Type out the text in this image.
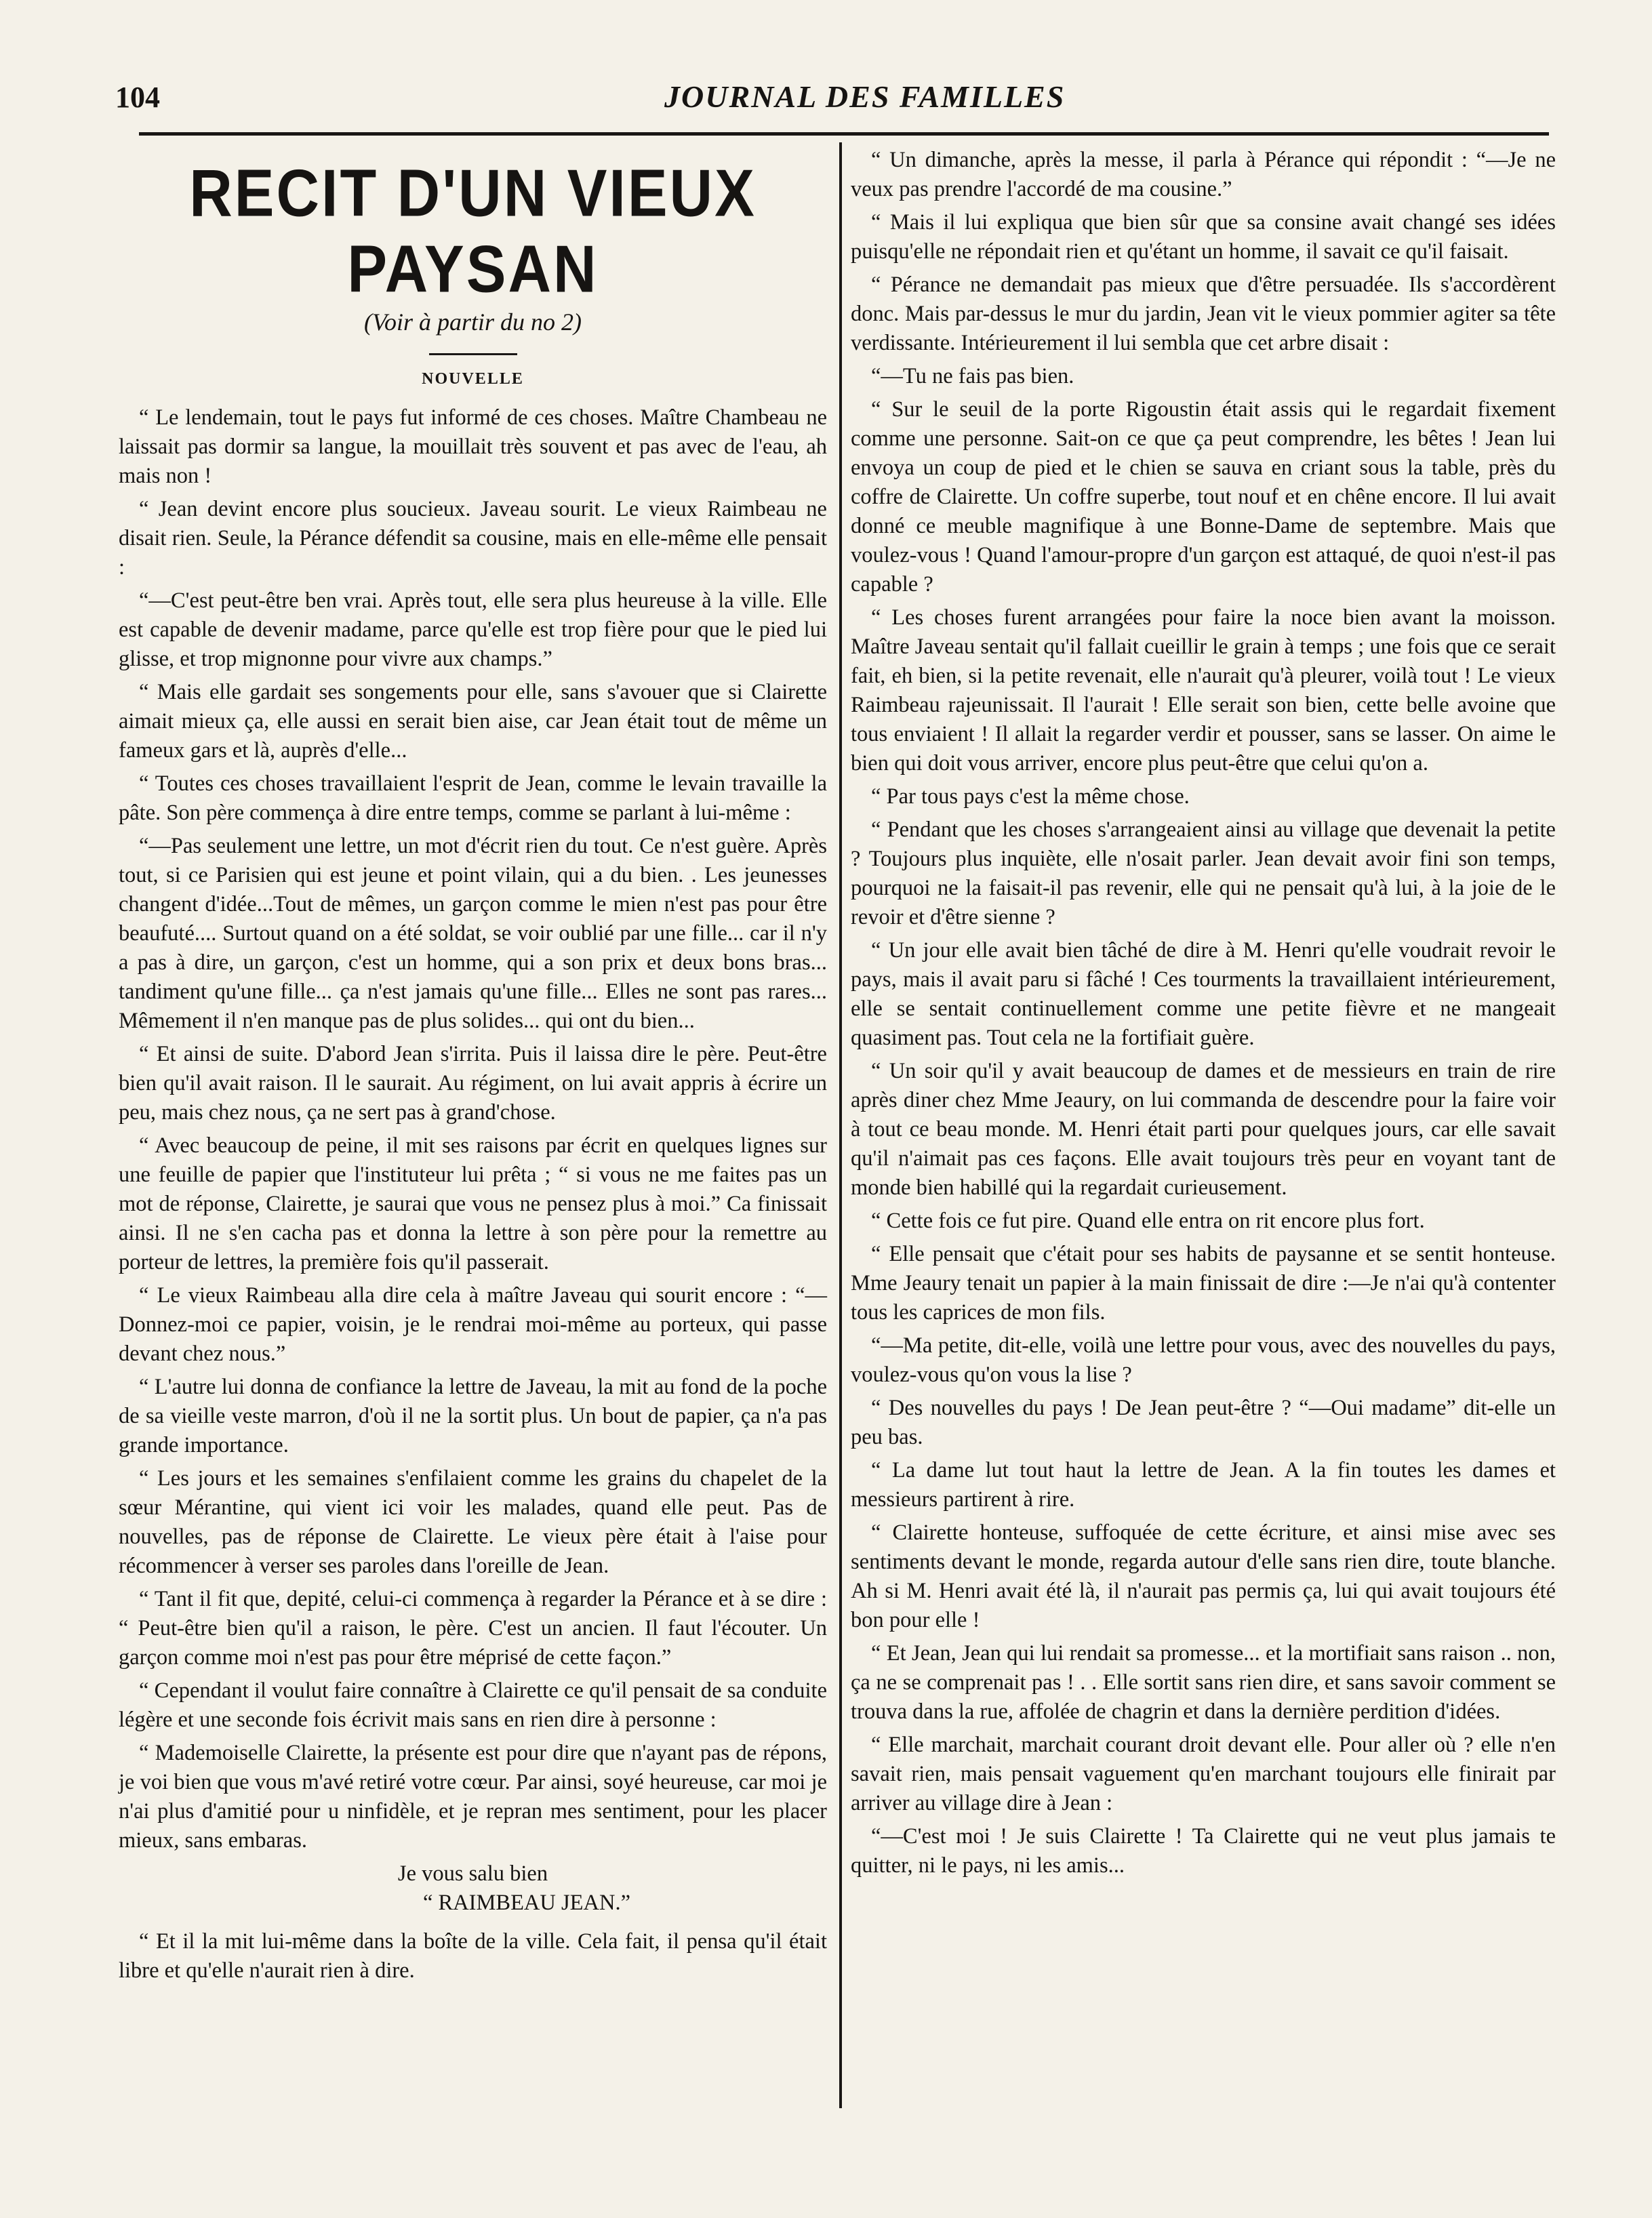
104	JOURNAL DES FAMILLES
RECIT D'UN VIEUX PAYSAN
(Voir à partir du no 2)
NOUVELLE

“ Le lendemain, tout le pays fut informé de ces choses. Maître Chambeau ne laissait pas dormir sa langue, la mouillait très souvent et pas avec de l'eau, ah mais non !

“ Jean devint encore plus soucieux. Javeau sourit. Le vieux Raimbeau ne disait rien. Seule, la Pérance défendit sa cousine, mais en elle-même elle pensait :

“—C'est peut-être ben vrai. Après tout, elle sera plus heureuse à la ville. Elle est capable de devenir madame, parce qu'elle est trop fière pour que le pied lui glisse, et trop mignonne pour vivre aux champs.”

“ Mais elle gardait ses songements pour elle, sans s'avouer que si Clairette aimait mieux ça, elle aussi en serait bien aise, car Jean était tout de même un fameux gars et là, auprès d'elle...

“ Toutes ces choses travaillaient l'esprit de Jean, comme le levain travaille la pâte. Son père commença à dire entre temps, comme se parlant à lui-même :

“—Pas seulement une lettre, un mot d'écrit rien du tout. Ce n'est guère. Après tout, si ce Parisien qui est jeune et point vilain, qui a du bien. . Les jeunesses changent d'idée...Tout de mêmes, un garçon comme le mien n'est pas pour être beaufuté.... Surtout quand on a été soldat, se voir oublié par une fille... car il n'y a pas à dire, un garçon, c'est un homme, qui a son prix et deux bons bras... tandiment qu'une fille... ça n'est jamais qu'une fille... Elles ne sont pas rares... Mêmement il n'en manque pas de plus solides... qui ont du bien...

“ Et ainsi de suite. D'abord Jean s'irrita. Puis il laissa dire le père. Peut-être bien qu'il avait raison. Il le saurait. Au régiment, on lui avait appris à écrire un peu, mais chez nous, ça ne sert pas à grand'chose.

“ Avec beaucoup de peine, il mit ses raisons par écrit en quelques lignes sur une feuille de papier que l'instituteur lui prêta ; “ si vous ne me faites pas un mot de réponse, Clairette, je saurai que vous ne pensez plus à moi.” Ca finissait ainsi. Il ne s'en cacha pas et donna la lettre à son père pour la remettre au porteur de lettres, la première fois qu'il passerait.

“ Le vieux Raimbeau alla dire cela à maître Javeau qui sourit encore : “—Donnez-moi ce papier, voisin, je le rendrai moi-même au porteux, qui passe devant chez nous.”

“ L'autre lui donna de confiance la lettre de Javeau, la mit au fond de la poche de sa vieille veste marron, d'où il ne la sortit plus. Un bout de papier, ça n'a pas grande importance.

“ Les jours et les semaines s'enfilaient comme les grains du chapelet de la sœur Mérantine, qui vient ici voir les malades, quand elle peut. Pas de nouvelles, pas de réponse de Clairette. Le vieux père était à l'aise pour récommencer à verser ses paroles dans l'oreille de Jean.

“ Tant il fit que, depité, celui-ci commença à regarder la Pérance et à se dire : “ Peut-être bien qu'il a raison, le père. C'est un ancien. Il faut l'écouter. Un garçon comme moi n'est pas pour être méprisé de cette façon.”

“ Cependant il voulut faire connaître à Clairette ce qu'il pensait de sa conduite légère et une seconde fois écrivit mais sans en rien dire à personne :

“ Mademoiselle Clairette, la présente est pour dire que n'ayant pas de répons, je voi bien que vous m'avé retiré votre cœur. Par ainsi, soyé heureuse, car moi je n'ai plus d'amitié pour u ninfidèle, et je repran mes sentiment, pour les placer mieux, sans embaras.

Je vous salu bien

“ RAIMBEAU JEAN.”

“ Et il la mit lui-même dans la boîte de la ville. Cela fait, il pensa qu'il était libre et qu'elle n'aurait rien à dire.

“ Un dimanche, après la messe, il parla à Pérance qui répondit : “—Je ne veux pas prendre l'accordé de ma cousine.”

“ Mais il lui expliqua que bien sûr que sa consine avait changé ses idées puisqu'elle ne répondait rien et qu'étant un homme, il savait ce qu'il faisait.

“ Pérance ne demandait pas mieux que d'être persuadée. Ils s'accordèrent donc. Mais par-dessus le mur du jardin, Jean vit le vieux pommier agiter sa tête verdissante. Intérieurement il lui sembla que cet arbre disait :

“—Tu ne fais pas bien.

“ Sur le seuil de la porte Rigoustin était assis qui le regardait fixement comme une personne. Sait-on ce que ça peut comprendre, les bêtes ! Jean lui envoya un coup de pied et le chien se sauva en criant sous la table, près du coffre de Clairette. Un coffre superbe, tout nouf et en chêne encore. Il lui avait donné ce meuble magnifique à une Bonne-Dame de septembre. Mais que voulez-vous ! Quand l'amour-propre d'un garçon est attaqué, de quoi n'est-il pas capable ?

“ Les choses furent arrangées pour faire la noce bien avant la moisson. Maître Javeau sentait qu'il fallait cueillir le grain à temps ; une fois que ce serait fait, eh bien, si la petite revenait, elle n'aurait qu'à pleurer, voilà tout ! Le vieux Raimbeau rajeunissait. Il l'aurait ! Elle serait son bien, cette belle avoine que tous enviaient ! Il allait la regarder verdir et pousser, sans se lasser. On aime le bien qui doit vous arriver, encore plus peut-être que celui qu'on a.

“ Par tous pays c'est la même chose.

“ Pendant que les choses s'arrangeaient ainsi au village que devenait la petite ? Toujours plus inquiète, elle n'osait parler. Jean devait avoir fini son temps, pourquoi ne la faisait-il pas revenir, elle qui ne pensait qu'à lui, à la joie de le revoir et d'être sienne ?

“ Un jour elle avait bien tâché de dire à M. Henri qu'elle voudrait revoir le pays, mais il avait paru si fâché ! Ces tourments la travaillaient intérieurement, elle se sentait continuellement comme une petite fièvre et ne mangeait quasiment pas. Tout cela ne la fortifiait guère.

“ Un soir qu'il y avait beaucoup de dames et de messieurs en train de rire après diner chez Mme Jeaury, on lui commanda de descendre pour la faire voir à tout ce beau monde. M. Henri était parti pour quelques jours, car elle savait qu'il n'aimait pas ces façons. Elle avait toujours très peur en voyant tant de monde bien habillé qui la regardait curieusement.

“ Cette fois ce fut pire. Quand elle entra on rit encore plus fort.

“ Elle pensait que c'était pour ses habits de paysanne et se sentit honteuse. Mme Jeaury tenait un papier à la main finissait de dire :—Je n'ai qu'à contenter tous les caprices de mon fils.

“—Ma petite, dit-elle, voilà une lettre pour vous, avec des nouvelles du pays, voulez-vous qu'on vous la lise ?

“ Des nouvelles du pays ! De Jean peut-être ? “—Oui madame” dit-elle un peu bas.

“ La dame lut tout haut la lettre de Jean. A la fin toutes les dames et messieurs partirent à rire.

“ Clairette honteuse, suffoquée de cette écriture, et ainsi mise avec ses sentiments devant le monde, regarda autour d'elle sans rien dire, toute blanche. Ah si M. Henri avait été là, il n'aurait pas permis ça, lui qui avait toujours été bon pour elle !

“ Et Jean, Jean qui lui rendait sa promesse... et la mortifiait sans raison .. non, ça ne se comprenait pas ! . . Elle sortit sans rien dire, et sans savoir comment se trouva dans la rue, affolée de chagrin et dans la dernière perdition d'idées.

“ Elle marchait, marchait courant droit devant elle. Pour aller où ? elle n'en savait rien, mais pensait vaguement qu'en marchant toujours elle finirait par arriver au village dire à Jean :

“—C'est moi ! Je suis Clairette ! Ta Clairette qui ne veut plus jamais te quitter, ni le pays, ni les amis...
